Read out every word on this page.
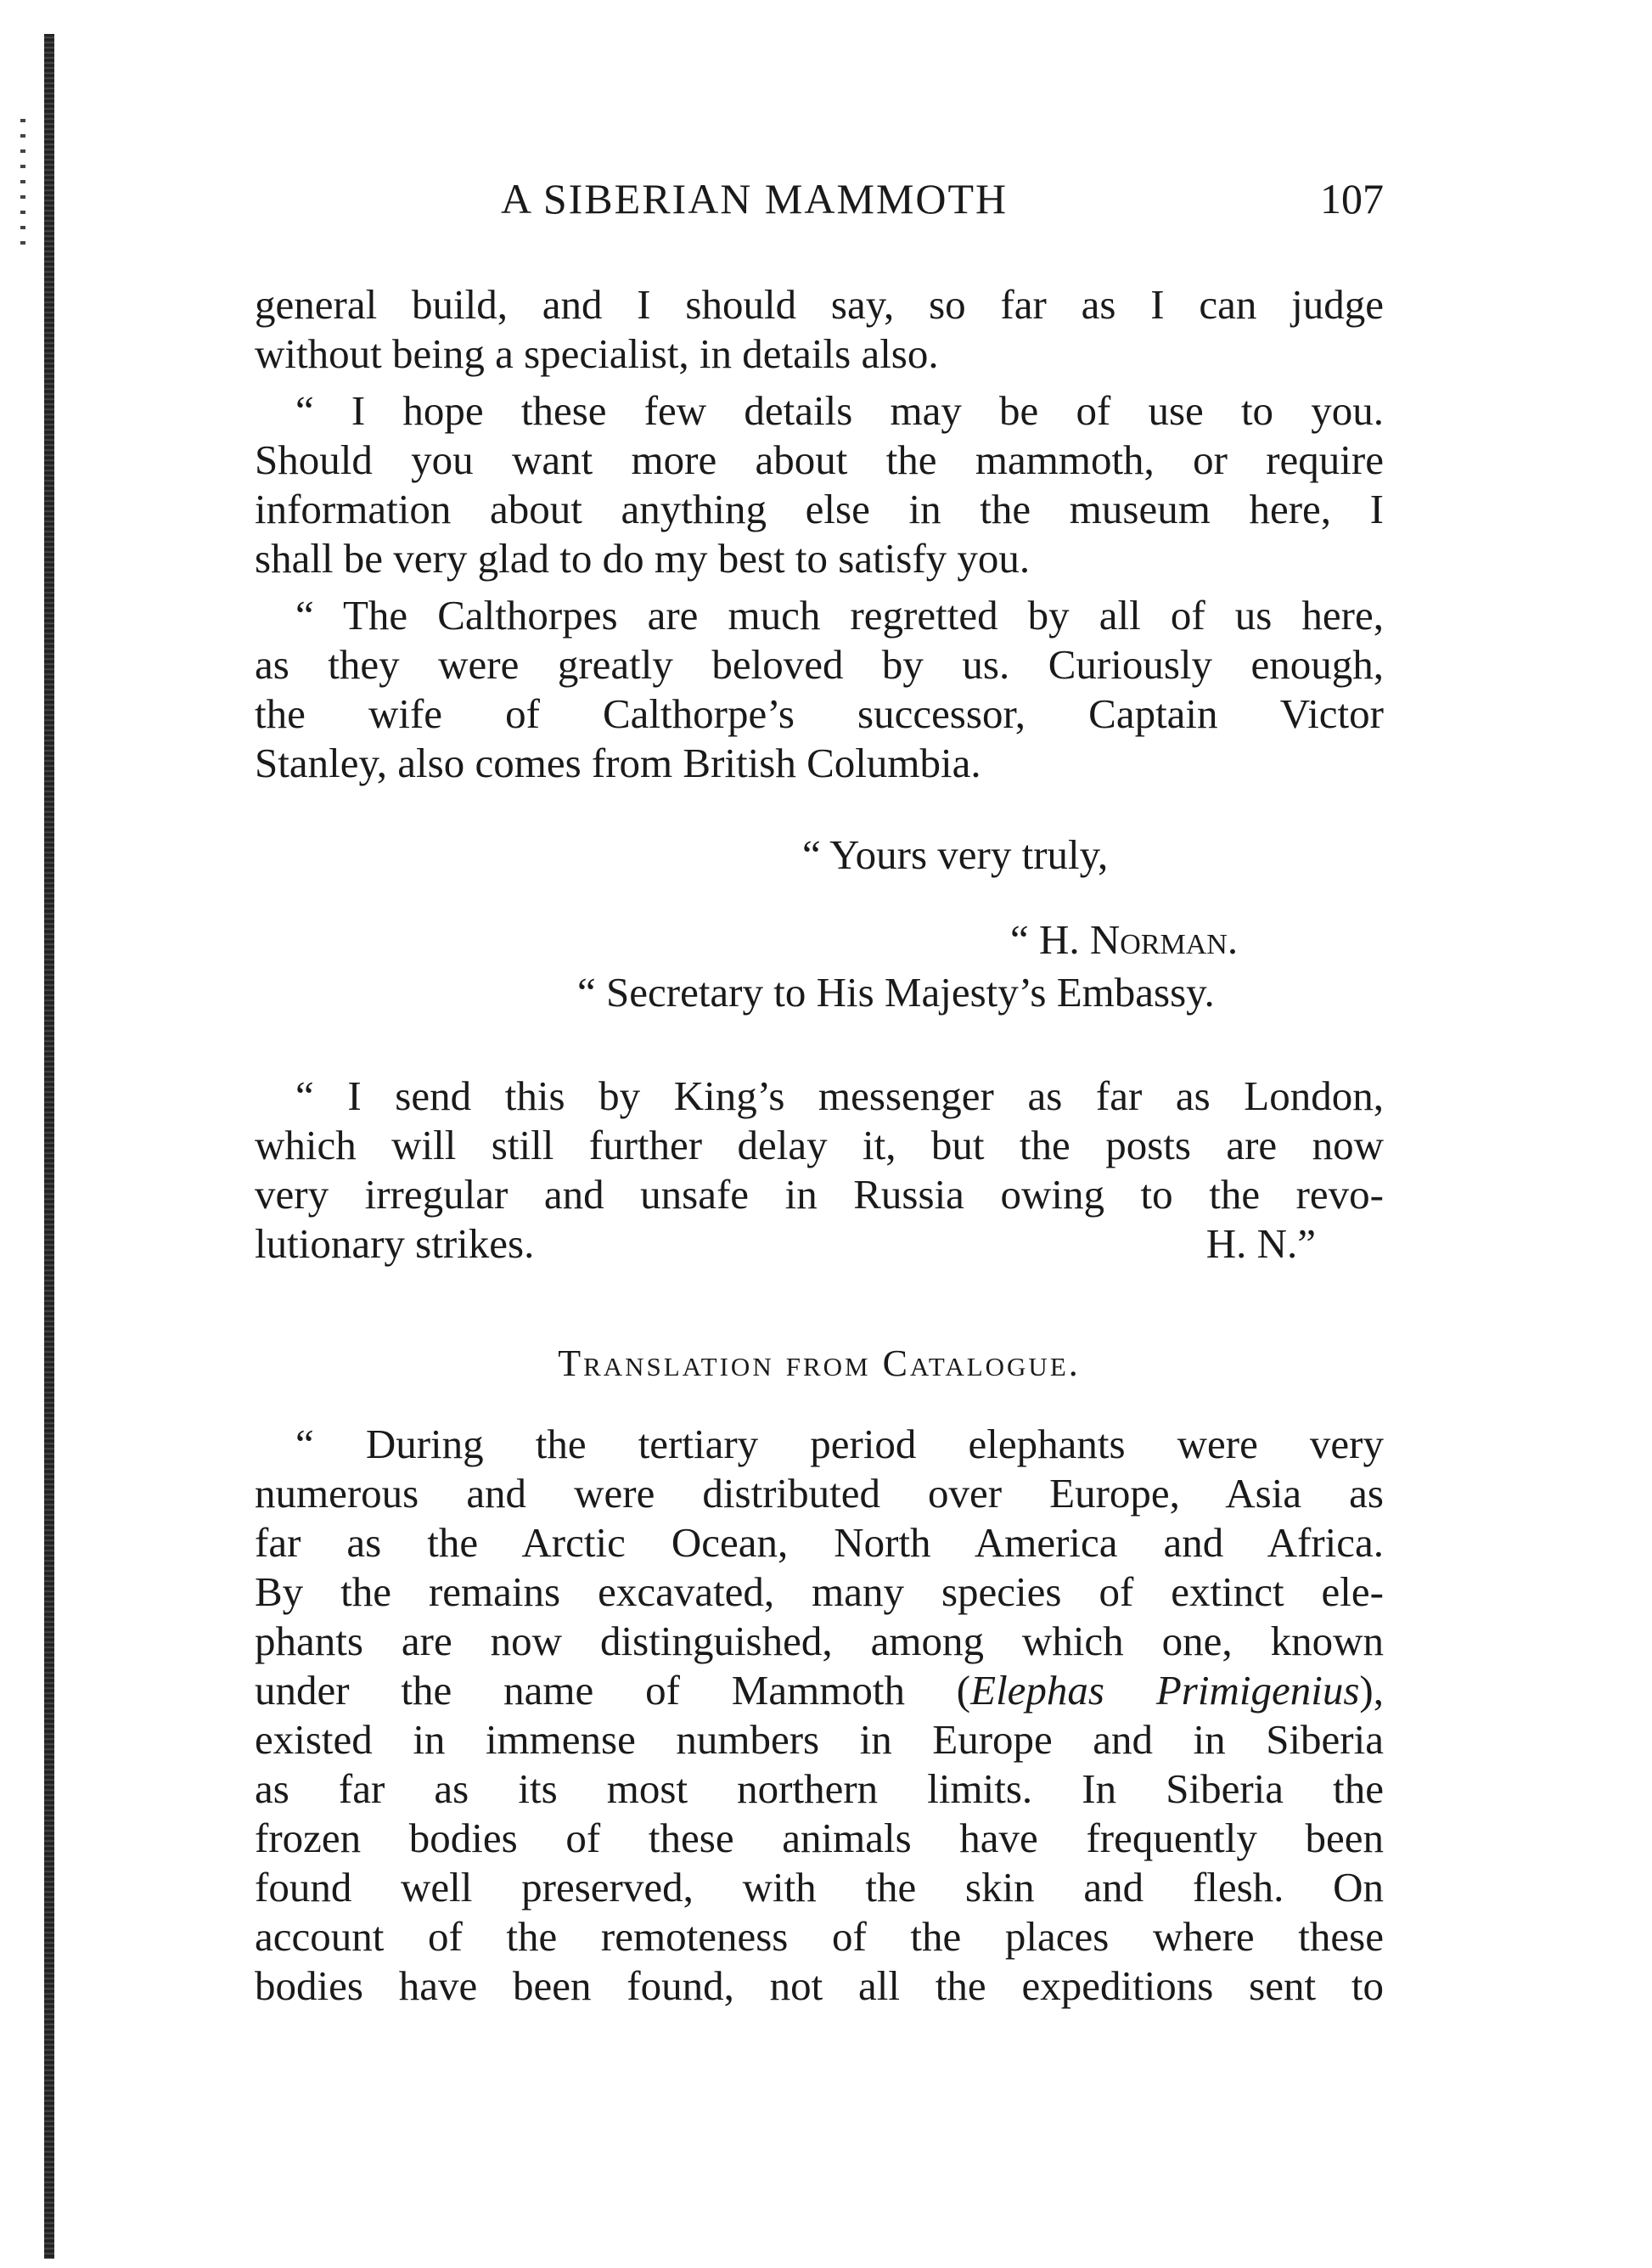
A SIBERIAN MAMMOTH	107
general build, and I should say, so far as I can judge
without being a specialist, in details also.
“ I hope these few details may be of use to you.
Should you want more about the mammoth, or require
information about anything else in the museum here, I
shall be very glad to do my best to satisfy you.
“ The Calthorpes are much regretted by all of us here,
as they were greatly beloved by us. Curiously enough,
the wife of Calthorpe’s successor, Captain Victor
Stanley, also comes from British Columbia.
“ Yours very truly,
“ H. Norman.
“ Secretary to His Majesty’s Embassy.
“ I send this by King’s messenger as far as London,
which will still further delay it, but the posts are now
very irregular and unsafe in Russia owing to the revo-
lutionary strikes.	H. N.”
Translation from Catalogue.
“ During the tertiary period elephants were very
numerous and were distributed over Europe, Asia as
far as the Arctic Ocean, North America and Africa.
By the remains excavated, many species of extinct ele-
phants are now distinguished, among which one, known
under the name of Mammoth (Elephas Primigenius),
existed in immense numbers in Europe and in Siberia
as far as its most northern limits. In Siberia the
frozen bodies of these animals have frequently been
found well preserved, with the skin and flesh. On
account of the remoteness of the places where these
bodies have been found, not all the expeditions sent to
